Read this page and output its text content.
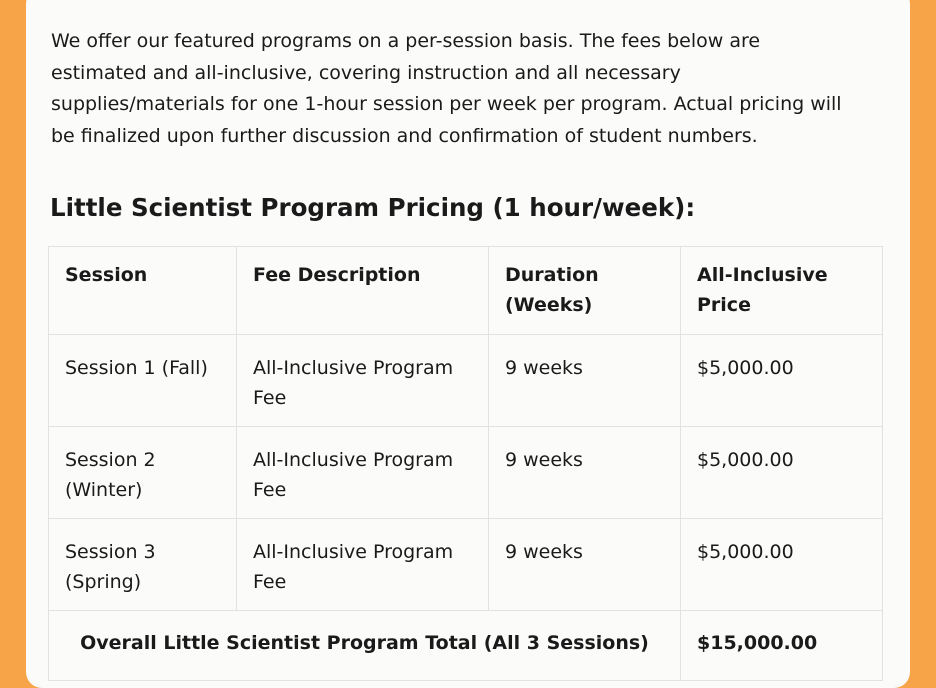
We offer our featured programs on a per-session basis. The fees below are estimated and all-inclusive, covering instruction and all necessary supplies/materials for one 1-hour session per week per program. Actual pricing will be finalized upon further discussion and confirmation of student numbers.

Little Scientist Program Pricing (1 hour/week):
Session	Fee Description	Duration (Weeks)	All-Inclusive Price
Session 1 (Fall)	All-Inclusive Program Fee	9 weeks	$5,000.00
Session 2 (Winter)	All-Inclusive Program Fee	9 weeks	$5,000.00
Session 3 (Spring)	All-Inclusive Program Fee	9 weeks	$5,000.00
Overall Little Scientist Program Total (All 3 Sessions)			$15,000.00
